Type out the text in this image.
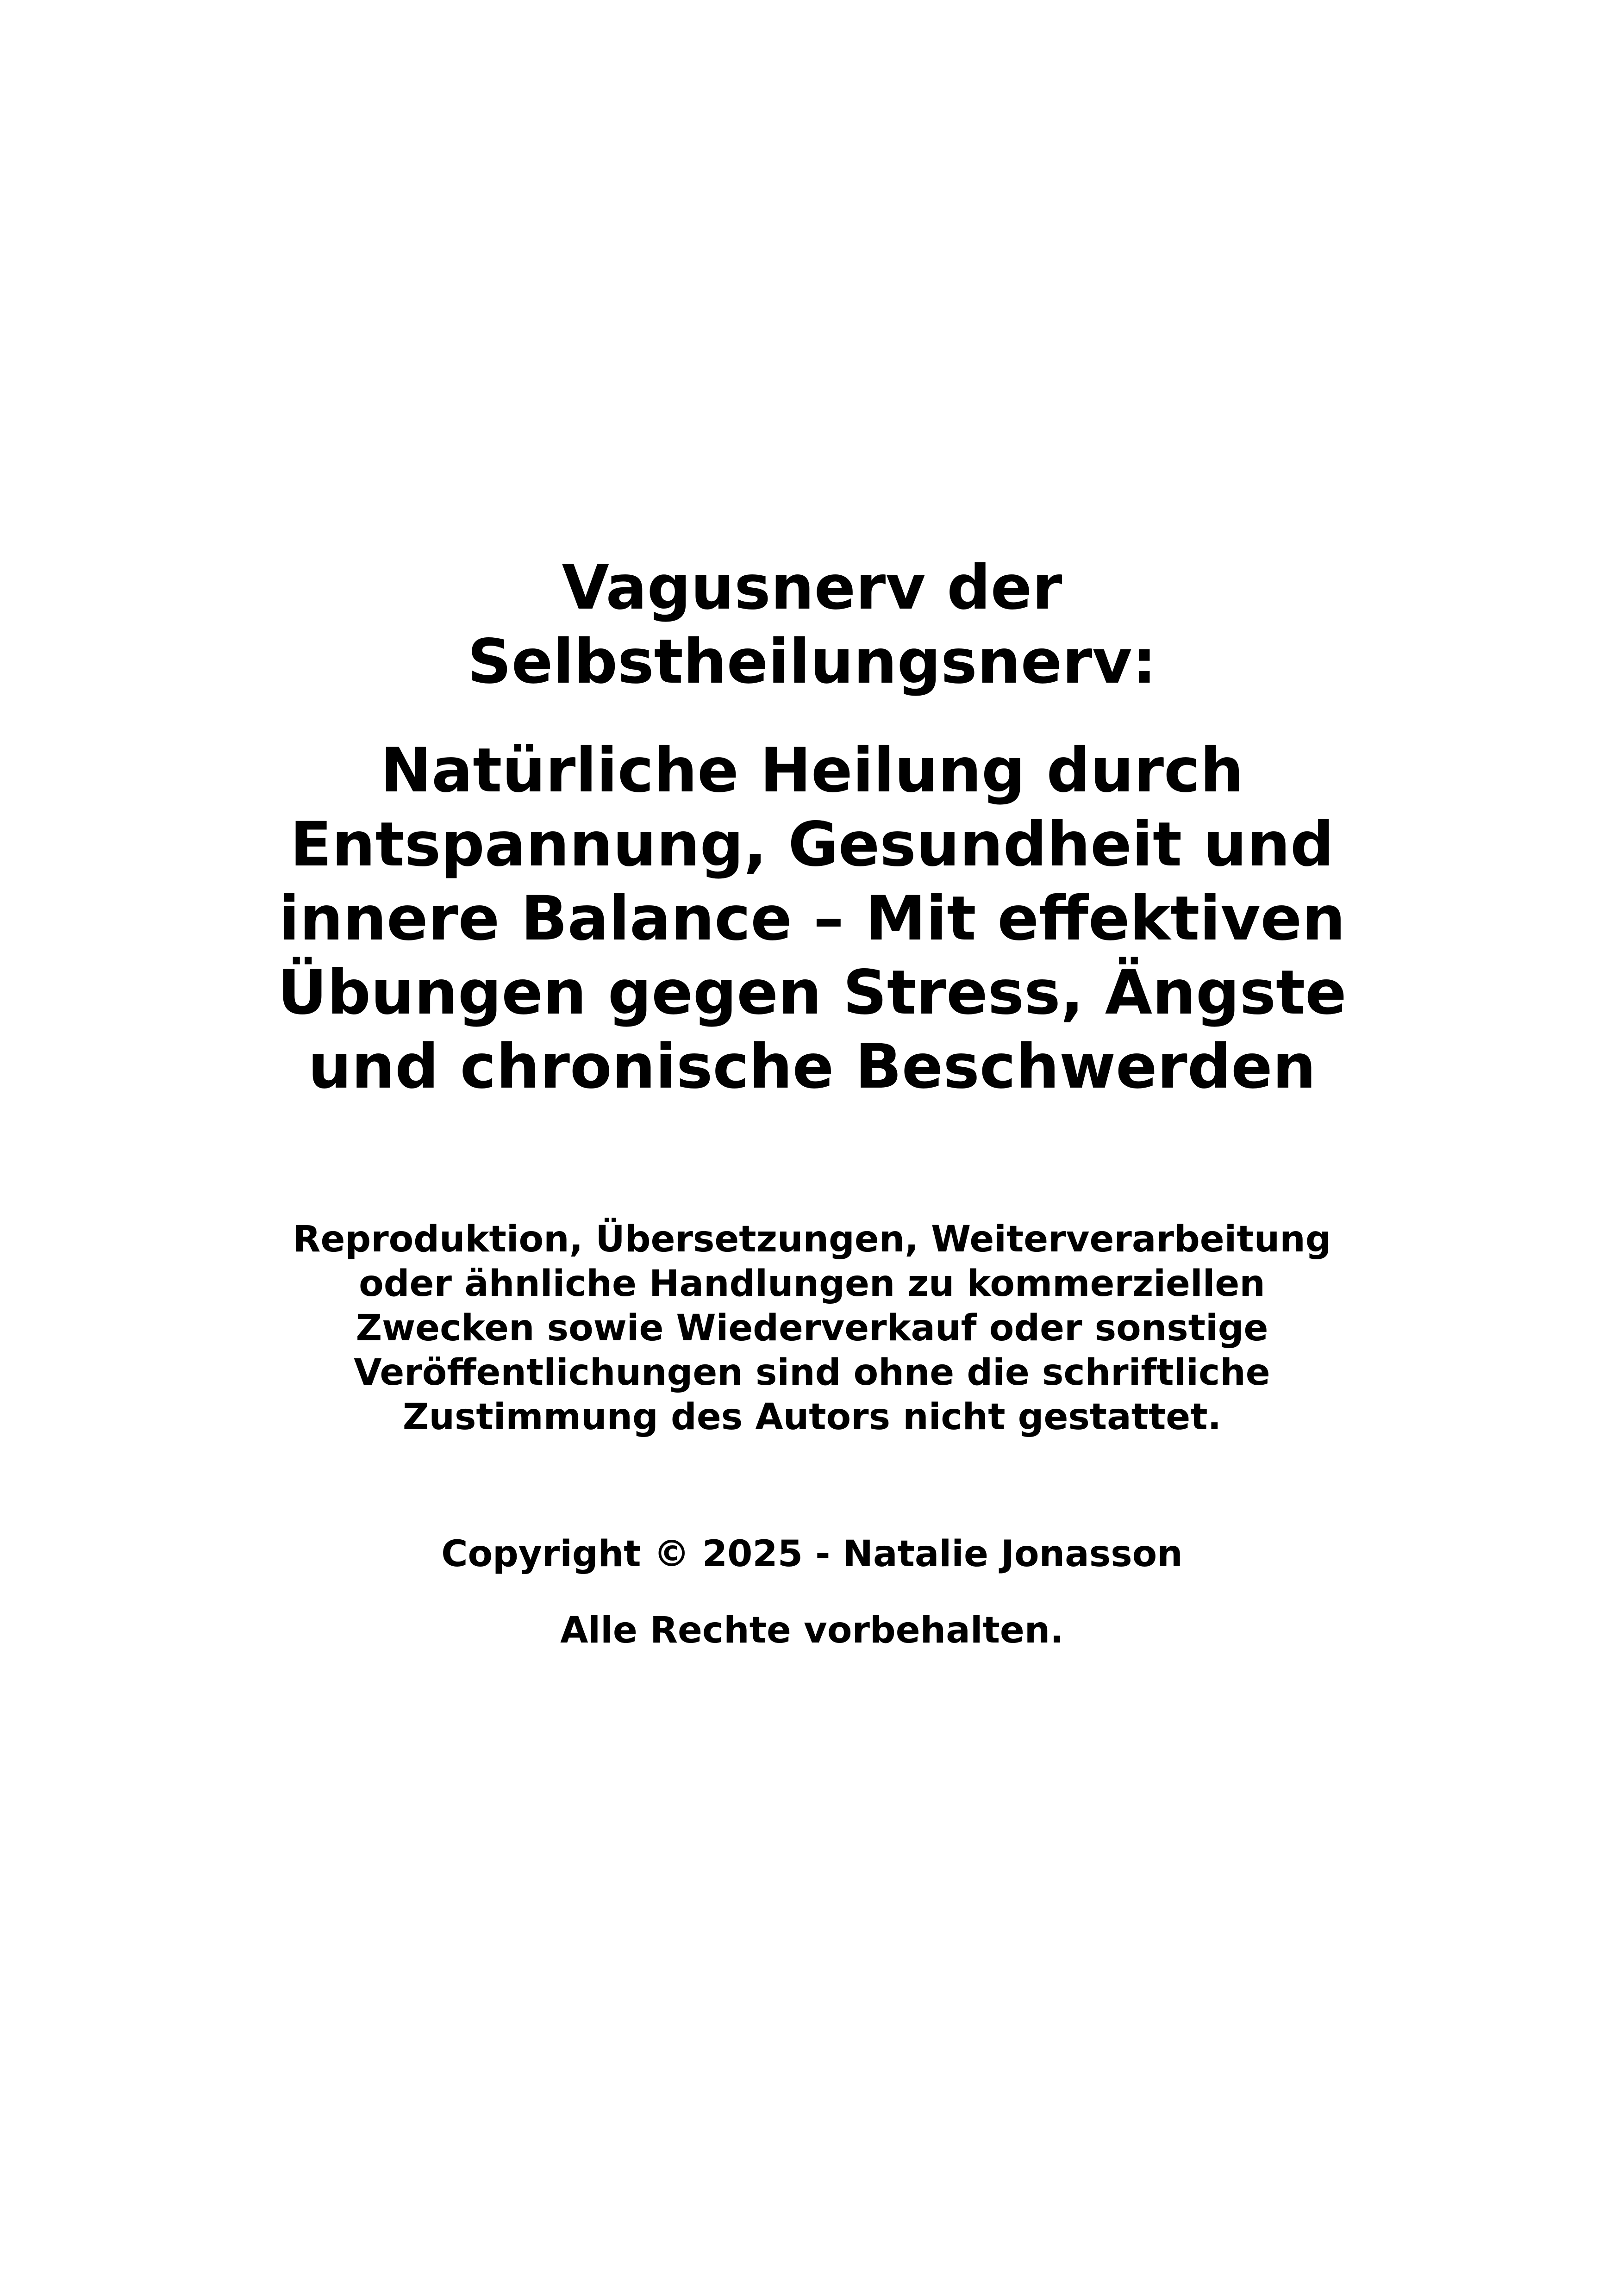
Vagusnerv der
Selbstheilungsnerv:
Natürliche Heilung durch
Entspannung, Gesundheit und
innere Balance – Mit effektiven
Übungen gegen Stress, Ängste
und chronische Beschwerden

Reproduktion, Übersetzungen, Weiterverarbeitung
oder ähnliche Handlungen zu kommerziellen
Zwecken sowie Wiederverkauf oder sonstige
Veröffentlichungen sind ohne die schriftliche
Zustimmung des Autors nicht gestattet.

Copyright © 2025 - Natalie Jonasson

Alle Rechte vorbehalten.
